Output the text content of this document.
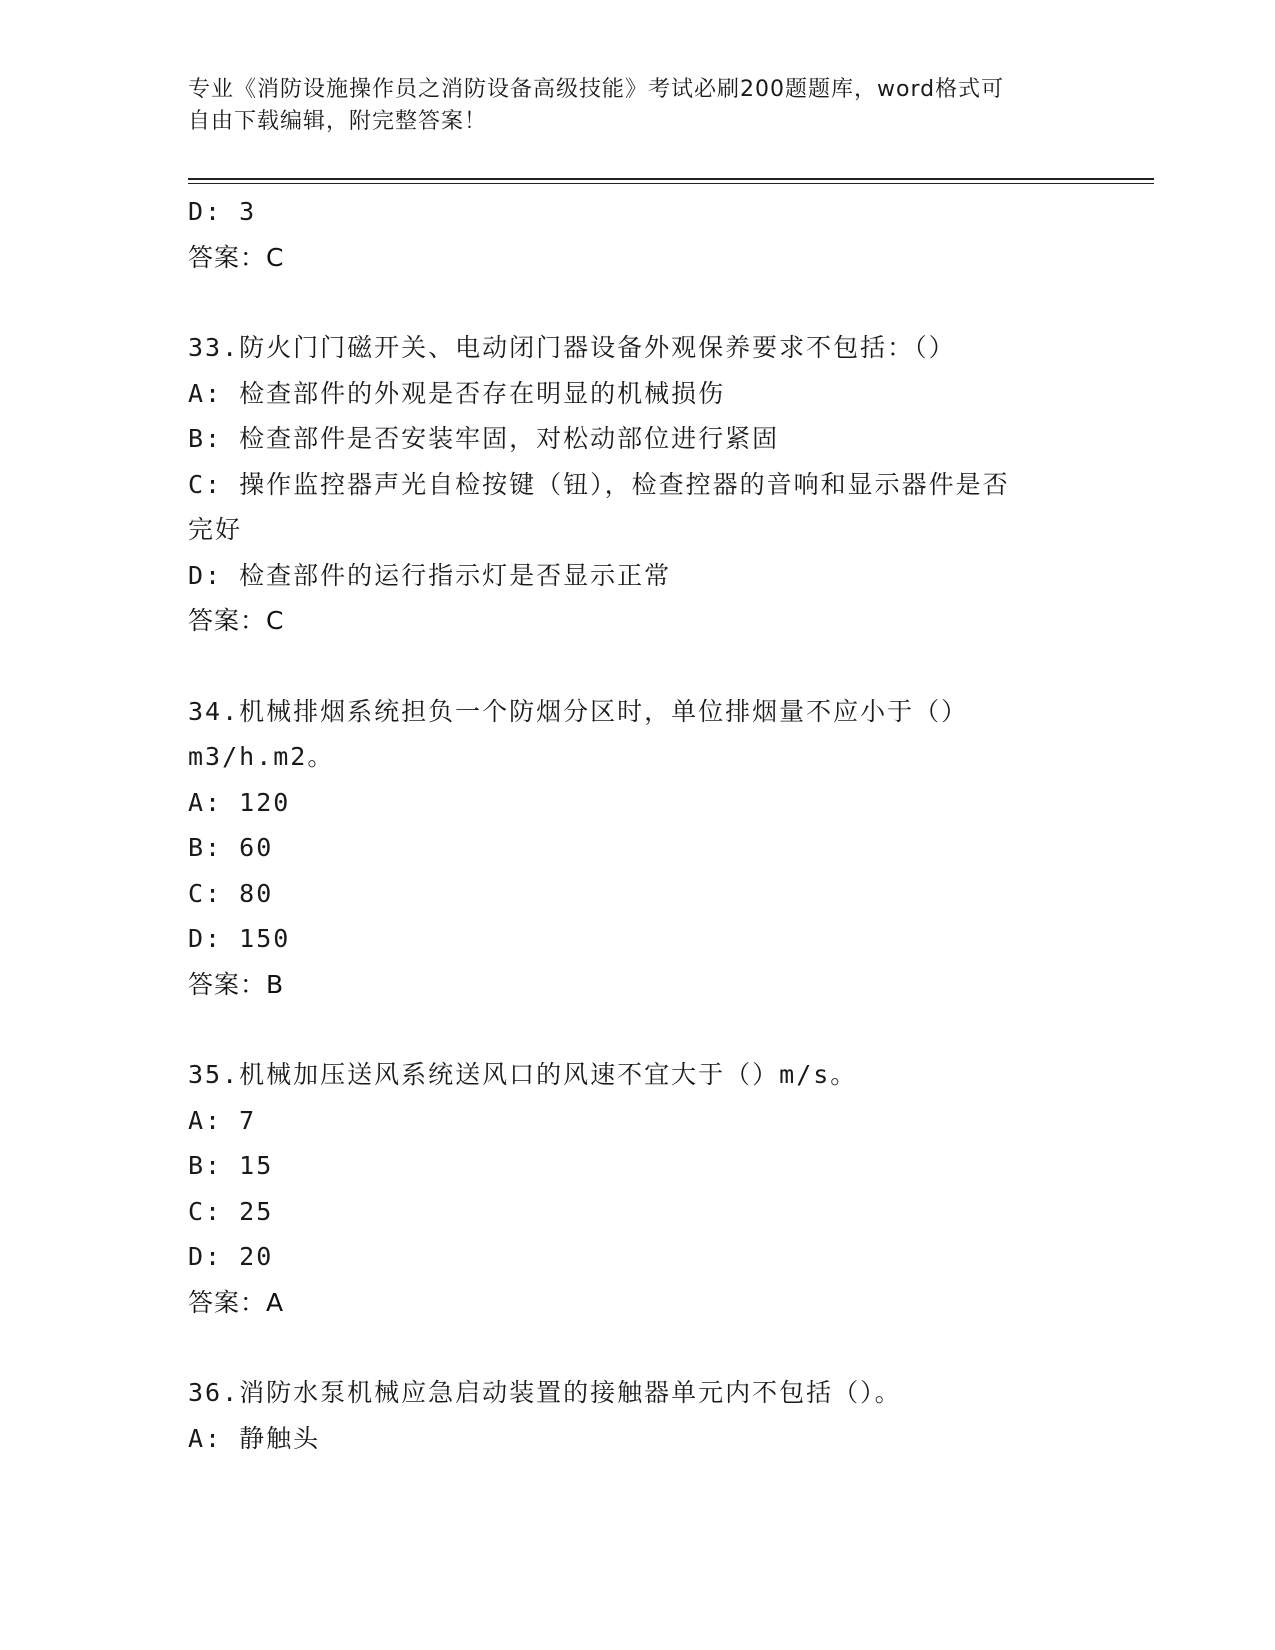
专业《消防设施操作员之消防设备高级技能》考试必刷200题题库，word格式可
自由下载编辑，附完整答案！
D: 3
答案：C
33.防火门门磁开关、电动闭门器设备外观保养要求不包括：（）
A: 检查部件的外观是否存在明显的机械损伤
B: 检查部件是否安装牢固，对松动部位进行紧固
C: 操作监控器声光自检按键（钮），检查控器的音响和显示器件是否
完好
D: 检查部件的运行指示灯是否显示正常
答案：C
34.机械排烟系统担负一个防烟分区时，单位排烟量不应小于（）
m3/h.m2。
A: 120
B: 60
C: 80
D: 150
答案：B
35.机械加压送风系统送风口的风速不宜大于（）m/s。
A: 7
B: 15
C: 25
D: 20
答案：A
36.消防水泵机械应急启动装置的接触器单元内不包括（）。
A: 静触头
